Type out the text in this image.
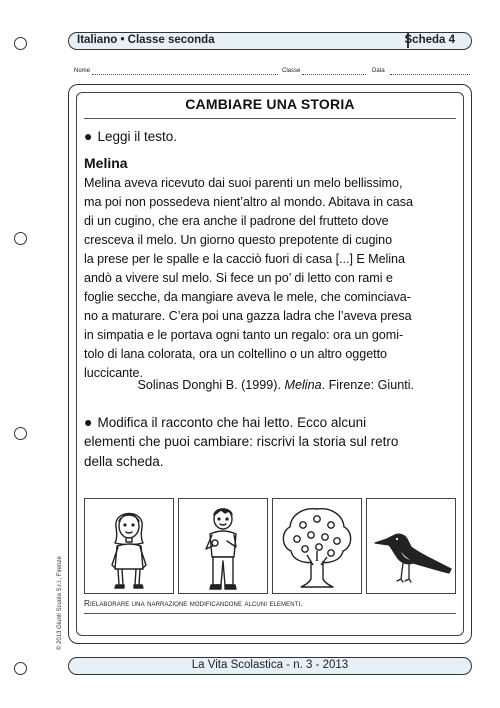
Italiano • Classe seconda	Scheda 4
Nome	Classe	Data
CAMBIARE UNA STORIA
● Leggi il testo.
Melina
Melina aveva ricevuto dai suoi parenti un melo bellissimo,
ma poi non possedeva nient’altro al mondo. Abitava in casa
di un cugino, che era anche il padrone del frutteto dove
cresceva il melo. Un giorno questo prepotente di cugino
la prese per le spalle e la cacciò fuori di casa [...] E Melina
andò a vivere sul melo. Si fece un po’ di letto con rami e
foglie secche, da mangiare aveva le mele, che cominciava-
no a maturare. C’era poi una gazza ladra che l’aveva presa
in simpatia e le portava ogni tanto un regalo: ora un gomi-
tolo di lana colorata, ora un coltellino o un altro oggetto
luccicante.
Solinas Donghi B. (1999). Melina. Firenze: Giunti.
● Modifica il racconto che hai letto. Ecco alcuni
elementi che puoi cambiare: riscrivi la storia sul retro
della scheda.
Rielaborare una narrazione modificandone alcuni elementi.
© 2013 Giunti Scuola S.r.l., Firenze
La Vita Scolastica - n. 3 - 2013
